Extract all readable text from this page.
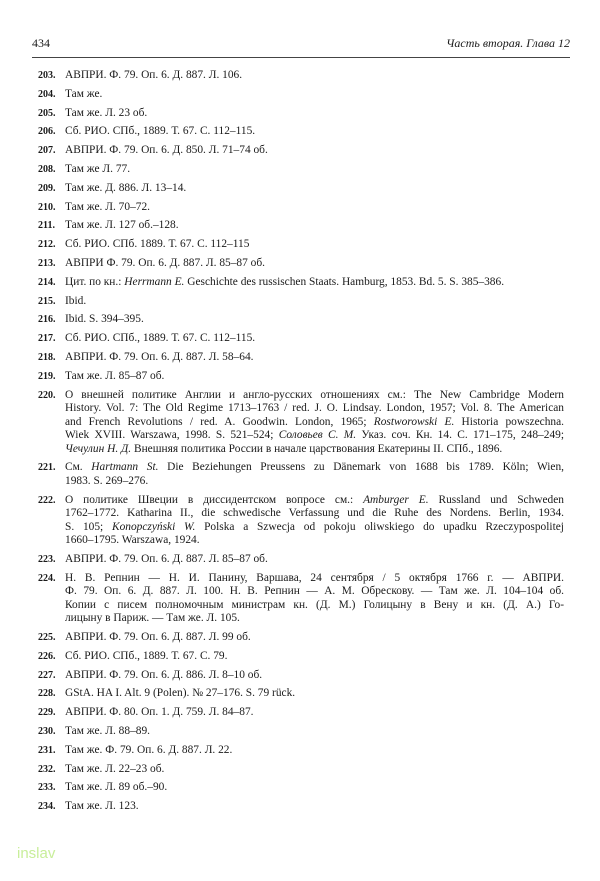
434	Часть вторая. Глава 12
203. АВПРИ. Ф. 79. Оп. 6. Д. 887. Л. 106.
204. Там же.
205. Там же. Л. 23 об.
206. Сб. РИО. СПб., 1889. Т. 67. С. 112–115.
207. АВПРИ. Ф. 79. Оп. 6. Д. 850. Л. 71–74 об.
208. Там же Л. 77.
209. Там же. Д. 886. Л. 13–14.
210. Там же. Л. 70–72.
211. Там же. Л. 127 об.–128.
212. Сб. РИО. СПб. 1889. Т. 67. С. 112–115
213. АВПРИ Ф. 79. Оп. 6. Д. 887. Л. 85–87 об.
214. Цит. по кн.: Herrmann E. Geschichte des russischen Staats. Hamburg, 1853. Bd. 5. S. 385–386.
215. Ibid.
216. Ibid. S. 394–395.
217. Сб. РИО. СПб., 1889. Т. 67. С. 112–115.
218. АВПРИ. Ф. 79. Оп. 6. Д. 887. Л. 58–64.
219. Там же. Л. 85–87 об.
220. О внешней политике Англии и англо-русских отношениях см.: The New Cambridge Modern
History. Vol. 7: The Old Regime 1713–1763 / red. J. O. Lindsay. London, 1957; Vol. 8. The American
and French Revolutions / red. A. Goodwin. London, 1965; Rostworowski E. Historia powszechna.
Wiek XVIII. Warszawa, 1998. S. 521–524; Соловьев С. М. Указ. соч. Кн. 14. С. 171–175, 248–249;
Чечулин Н. Д. Внешняя политика России в начале царствования Екатерины II. СПб., 1896.
221. См. Hartmann St. Die Beziehungen Preussens zu Dänemark von 1688 bis 1789. Köln; Wien,
1983. S. 269–276.
222. О политике Швеции в диссидентском вопросе см.: Amburger E. Russland und Schweden
1762–1772. Katharina II., die schwedische Verfassung und die Ruhe des Nordens. Berlin, 1934.
S. 105; Konopczyński W. Polska a Szwecja od pokoju oliwskiego do upadku Rzeczypospolitej
1660–1795. Warszawa, 1924.
223. АВПРИ. Ф. 79. Оп. 6. Д. 887. Л. 85–87 об.
224. Н. В. Репнин — Н. И. Панину, Варшава, 24 сентября / 5 октября 1766 г. — АВПРИ.
Ф. 79. Оп. 6. Д. 887. Л. 100. Н. В. Репнин — А. М. Обрескову. — Там же. Л. 104–104 об.
Копии с писем полномочным министрам кн. (Д. М.) Голицыну в Вену и кн. (Д. А.) Го-
лицыну в Париж. — Там же. Л. 105.
225. АВПРИ. Ф. 79. Оп. 6. Д. 887. Л. 99 об.
226. Сб. РИО. СПб., 1889. Т. 67. С. 79.
227. АВПРИ. Ф. 79. Оп. 6. Д. 886. Л. 8–10 об.
228. GStA. HA I. Alt. 9 (Polen). № 27–176. S. 79 rück.
229. АВПРИ. Ф. 80. Оп. 1. Д. 759. Л. 84–87.
230. Там же. Л. 88–89.
231. Там же. Ф. 79. Оп. 6. Д. 887. Л. 22.
232. Там же. Л. 22–23 об.
233. Там же. Л. 89 об.–90.
234. Там же. Л. 123.
inslav
